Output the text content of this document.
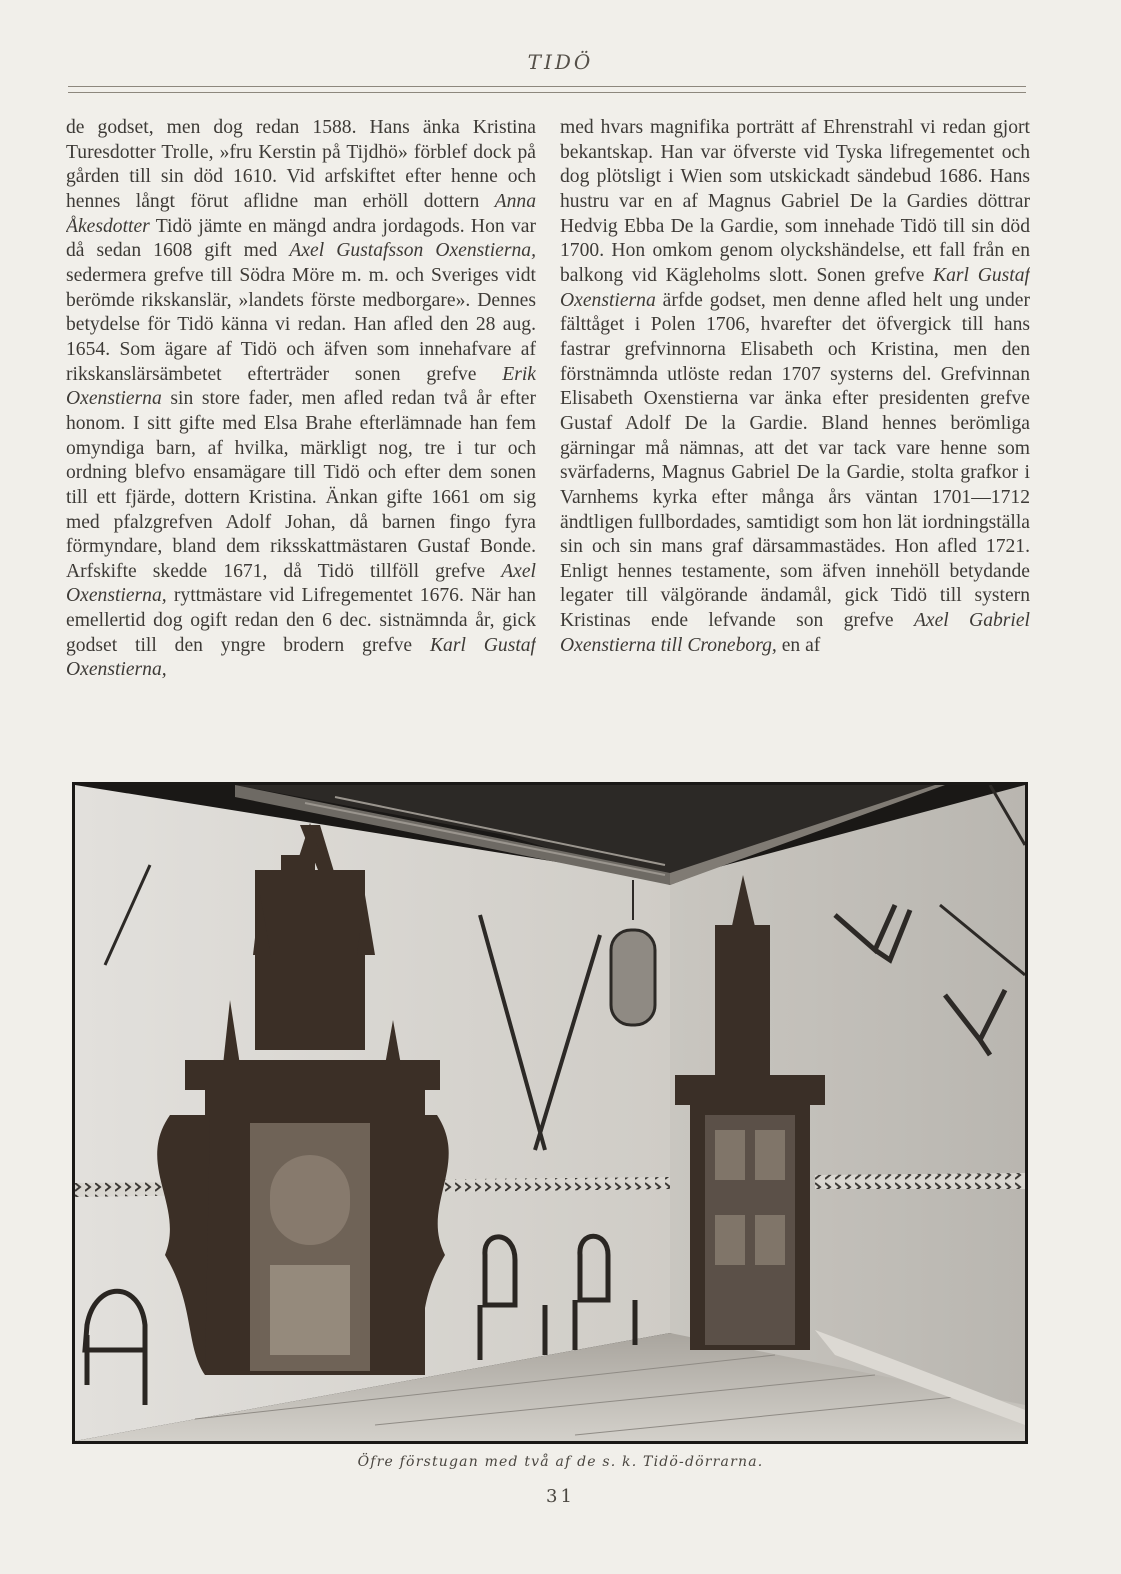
TIDÖ
de godset, men dog redan 1588. Hans änka Kristina Turesdotter Trolle, »fru Kerstin på Tijdhö» förblef dock på gården till sin död 1610. Vid arfskiftet efter henne och hennes långt förut aflidne man erhöll dottern Anna Åkesdotter Tidö jämte en mängd andra jordagods. Hon var då sedan 1608 gift med Axel Gustafsson Oxenstierna, sedermera grefve till Södra Möre m. m. och Sveriges vidt berömde rikskanslär, »landets förste medborgare». Dennes betydelse för Tidö känna vi redan. Han afled den 28 aug. 1654. Som ägare af Tidö och äfven som innehafvare af rikskanslärsämbetet efterträder sonen grefve Erik Oxenstierna sin store fader, men afled redan två år efter honom. I sitt gifte med Elsa Brahe efterlämnade han fem omyndiga barn, af hvilka, märkligt nog, tre i tur och ordning blefvo ensamägare till Tidö och efter dem sonen till ett fjärde, dottern Kristina. Änkan gifte 1661 om sig med pfalzgrefven Adolf Johan, då barnen fingo fyra förmyndare, bland dem riksskattmästaren Gustaf Bonde. Arfskifte skedde 1671, då Tidö tillföll grefve Axel Oxenstierna, ryttmästare vid Lifregementet 1676. När han emellertid dog ogift redan den 6 dec. sistnämnda år, gick godset till den yngre brodern grefve Karl Gustaf Oxenstierna,
med hvars magnifika porträtt af Ehrenstrahl vi redan gjort bekantskap. Han var öfverste vid Tyska lifregementet och dog plötsligt i Wien som utskickadt sändebud 1686. Hans hustru var en af Magnus Gabriel De la Gardies döttrar Hedvig Ebba De la Gardie, som innehade Tidö till sin död 1700. Hon omkom genom olyckshändelse, ett fall från en balkong vid Kägleholms slott. Sonen grefve Karl Gustaf Oxenstierna ärfde godset, men denne afled helt ung under fälttåget i Polen 1706, hvarefter det öfvergick till hans fastrar grefvinnorna Elisabeth och Kristina, men den förstnämnda utlöste redan 1707 systerns del. Grefvinnan Elisabeth Oxenstierna var änka efter presidenten grefve Gustaf Adolf De la Gardie. Bland hennes berömliga gärningar må nämnas, att det var tack vare henne som svärfaderns, Magnus Gabriel De la Gardie, stolta grafkor i Varnhems kyrka efter många års väntan 1701—1712 ändtligen fullbordades, samtidigt som hon lät iordningställa sin och sin mans graf därsammastädes. Hon afled 1721. Enligt hennes testamente, som äfven innehöll betydande legater till välgörande ändamål, gick Tidö till systern Kristinas ende lefvande son grefve Axel Gabriel Oxenstierna till Croneborg, en af
Öfre förstugan med två af de s. k. Tidö-dörrarna.
31
